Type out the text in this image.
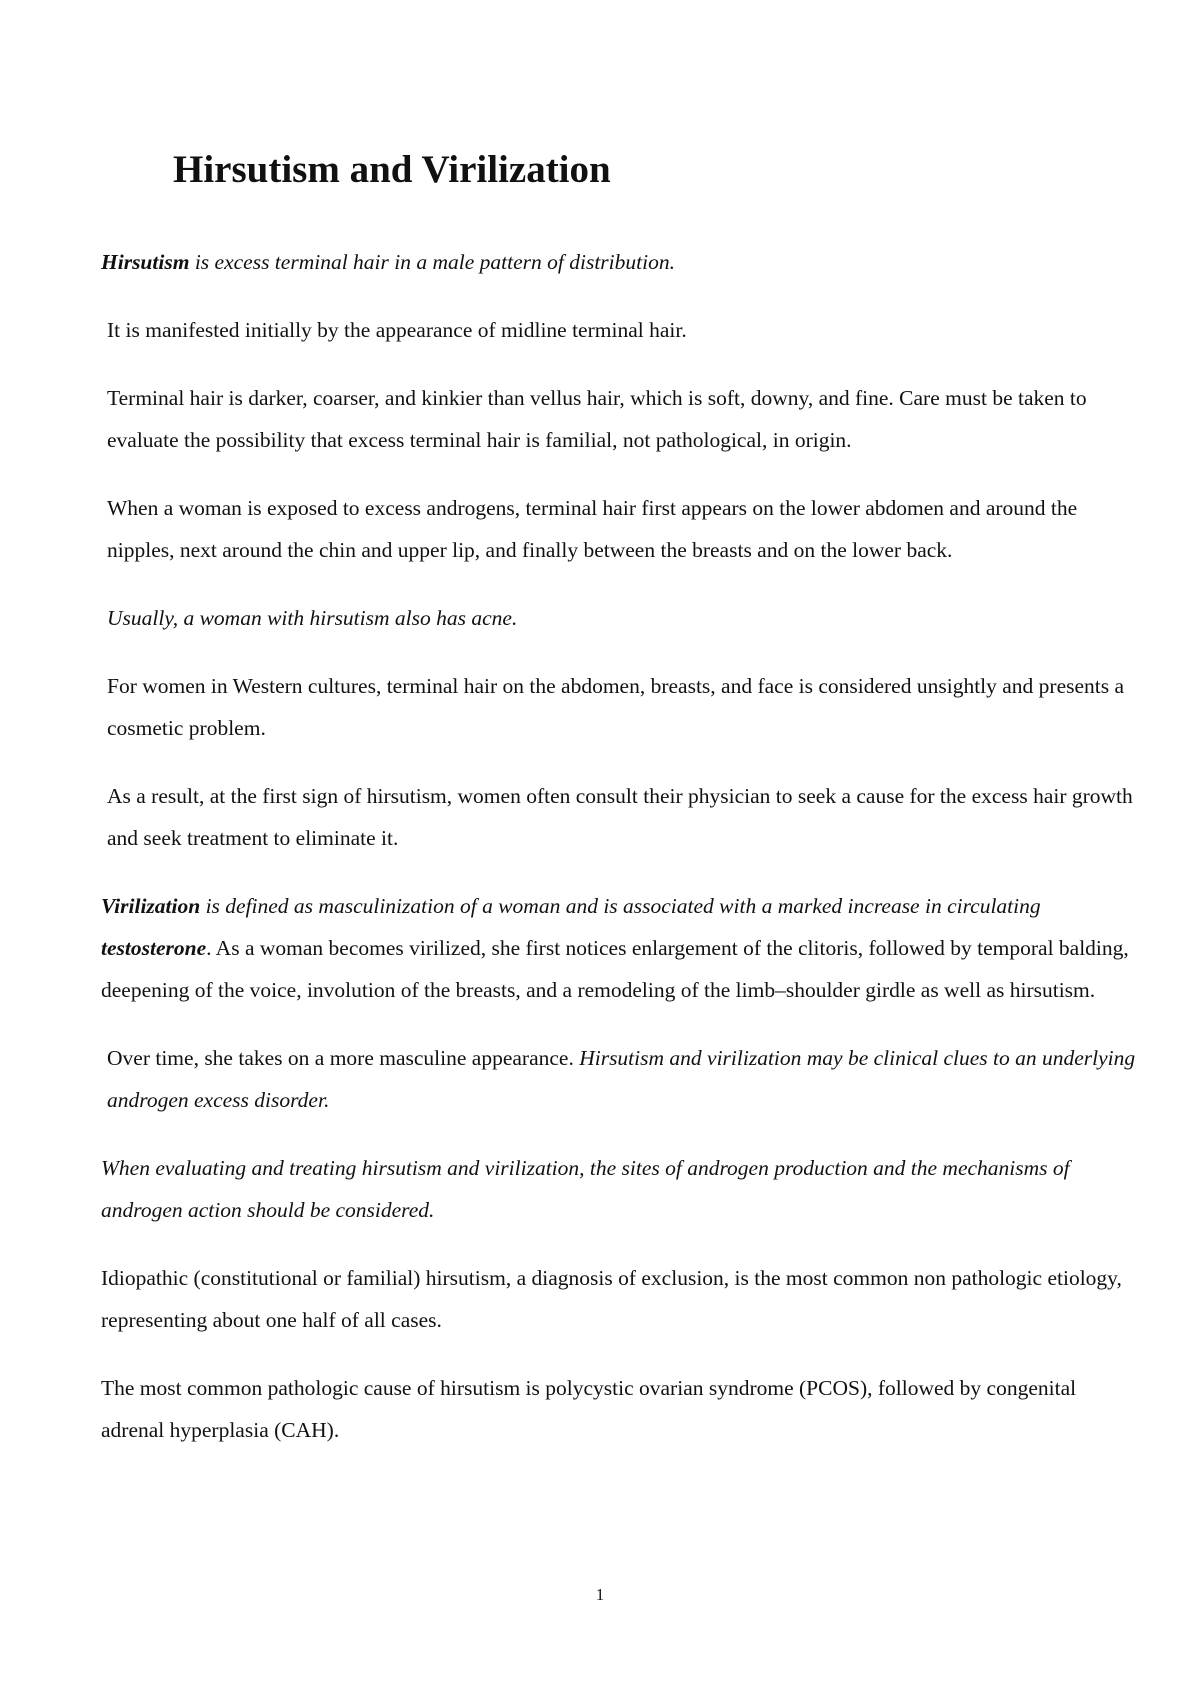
Hirsutism and Virilization

Hirsutism is excess terminal hair in a male pattern of distribution.

It is manifested initially by the appearance of midline terminal hair.

Terminal hair is darker, coarser, and kinkier than vellus hair, which is soft, downy, and fine. Care must be taken to evaluate the possibility that excess terminal hair is familial, not pathological, in origin.

When a woman is exposed to excess androgens, terminal hair first appears on the lower abdomen and around the nipples, next around the chin and upper lip, and finally between the breasts and on the lower back.

Usually, a woman with hirsutism also has acne.

For women in Western cultures, terminal hair on the abdomen, breasts, and face is considered unsightly and presents a cosmetic problem.

As a result, at the first sign of hirsutism, women often consult their physician to seek a cause for the excess hair growth and seek treatment to eliminate it.

Virilization is defined as masculinization of a woman and is associated with a marked increase in circulating testosterone. As a woman becomes virilized, she first notices enlargement of the clitoris, followed by temporal balding, deepening of the voice, involution of the breasts, and a remodeling of the limb–shoulder girdle as well as hirsutism.

Over time, she takes on a more masculine appearance. Hirsutism and virilization may be clinical clues to an underlying androgen excess disorder.

When evaluating and treating hirsutism and virilization, the sites of androgen production and the mechanisms of androgen action should be considered.

Idiopathic (constitutional or familial) hirsutism, a diagnosis of exclusion, is the most common non pathologic etiology, representing about one half of all cases.

The most common pathologic cause of hirsutism is polycystic ovarian syndrome (PCOS), followed by congenital adrenal hyperplasia (CAH).

1
